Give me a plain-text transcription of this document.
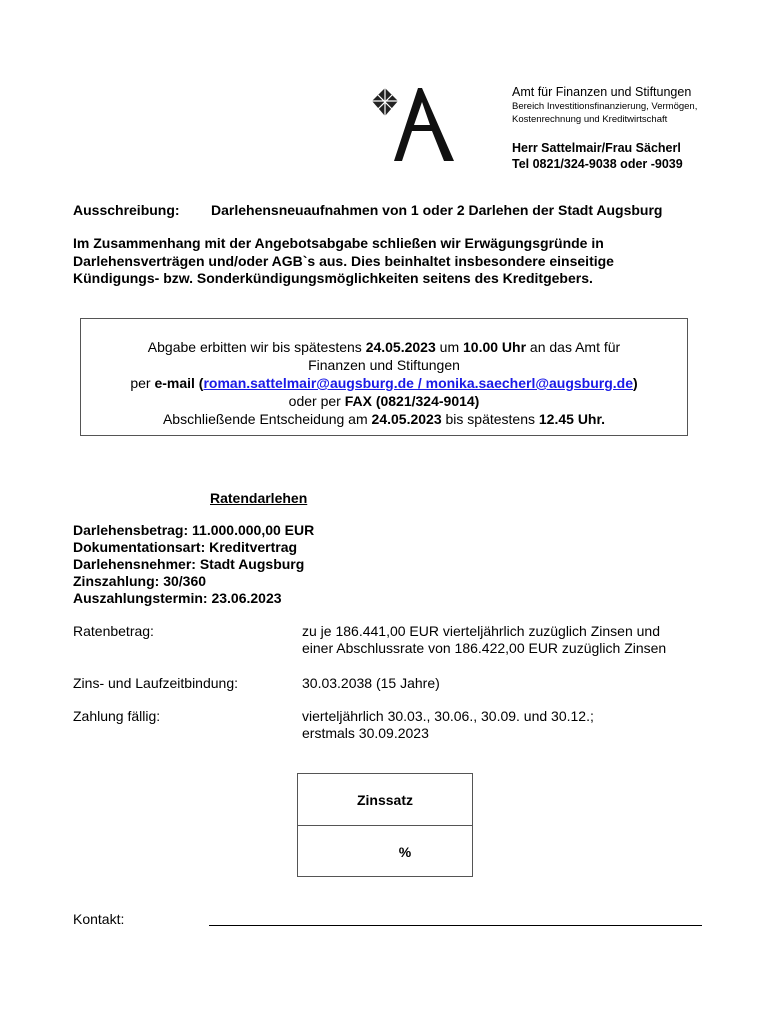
Amt für Finanzen und Stiftungen
Bereich Investitionsfinanzierung, Vermögen,
Kostenrechnung und Kreditwirtschaft
Herr Sattelmair/Frau Sächerl
Tel 0821/324-9038 oder -9039
Ausschreibung: Darlehensneuaufnahmen von 1 oder 2 Darlehen der Stadt Augsburg
Im Zusammenhang mit der Angebotsabgabe schließen wir Erwägungsgründe in
Darlehensverträgen und/oder AGB`s aus. Dies beinhaltet insbesondere einseitige
Kündigungs- bzw. Sonderkündigungsmöglichkeiten seitens des Kreditgebers.
Abgabe erbitten wir bis spätestens 24.05.2023 um 10.00 Uhr an das Amt für
Finanzen und Stiftungen
per e-mail (roman.sattelmair@augsburg.de / monika.saecherl@augsburg.de)
oder per FAX (0821/324-9014)
Abschließende Entscheidung am 24.05.2023 bis spätestens 12.45 Uhr.
Ratendarlehen
Darlehensbetrag: 11.000.000,00 EUR
Dokumentationsart: Kreditvertrag
Darlehensnehmer: Stadt Augsburg
Zinszahlung: 30/360
Auszahlungstermin: 23.06.2023
Ratenbetrag:	zu je 186.441,00 EUR vierteljährlich zuzüglich Zinsen und
einer Abschlussrate von 186.422,00 EUR zuzüglich Zinsen
Zins- und Laufzeitbindung:	30.03.2038 (15 Jahre)
Zahlung fällig:	vierteljährlich 30.03., 30.06., 30.09. und 30.12.;
erstmals 30.09.2023
Zinssatz
%
Kontakt:
